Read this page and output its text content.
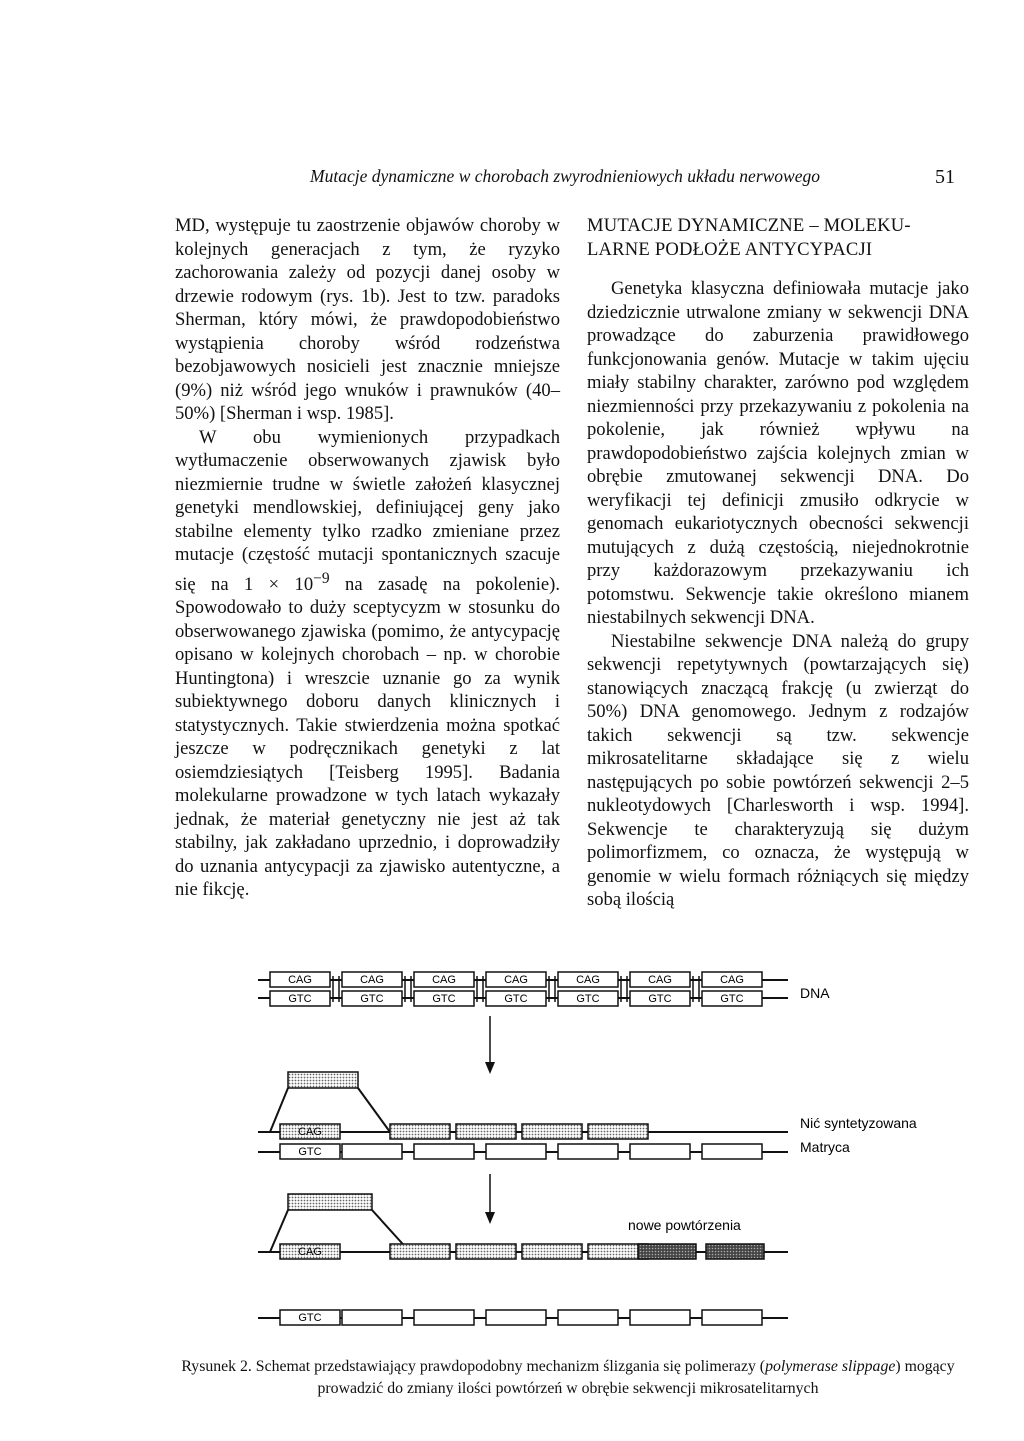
Mutacje dynamiczne w chorobach zwyrodnieniowych układu nerwowego	51

MD, występuje tu zaostrzenie objawów choroby w kolejnych generacjach z tym, że ryzyko zachorowania zależy od pozycji danej osoby w drzewie rodowym (rys. 1b). Jest to tzw. paradoks Sherman, który mówi, że prawdopodobieństwo wystąpienia choroby wśród rodzeństwa bezobjawowych nosicieli jest znacznie mniejsze (9%) niż wśród jego wnuków i prawnuków (40–50%) [Sherman i wsp. 1985].

W obu wymienionych przypadkach wytłumaczenie obserwowanych zjawisk było niezmiernie trudne w świetle założeń klasycznej genetyki mendlowskiej, definiującej geny jako stabilne elementy tylko rzadko zmieniane przez mutacje (częstość mutacji spontanicznych szacuje się na $1 \times 10^{-9}$ na zasadę na pokolenie). Spowodowało to duży sceptycyzm w stosunku do obserwowanego zjawiska (pomimo, że antycypację opisano w kolejnych chorobach – np. w chorobie Huntingtona) i wreszcie uznanie go za wynik subiektywnego doboru danych klinicznych i statystycznych. Takie stwierdzenia można spotkać jeszcze w podręcznikach genetyki z lat osiemdziesiątych [Teisberg 1995]. Badania molekularne prowadzone w tych latach wykazały jednak, że materiał genetyczny nie jest aż tak stabilny, jak zakładano uprzednio, i doprowadziły do uznania antycypacji za zjawisko autentyczne, a nie fikcję.

MUTACJE DYNAMICZNE – MOLEKU-
LARNE PODŁOŻE ANTYCYPACJI

Genetyka klasyczna definiowała mutacje jako dziedzicznie utrwalone zmiany w sekwencji DNA prowadzące do zaburzenia prawidłowego funkcjonowania genów. Mutacje w takim ujęciu miały stabilny charakter, zarówno pod względem niezmienności przy przekazywaniu z pokolenia na pokolenie, jak również wpływu na prawdopodobieństwo zajścia kolejnych zmian w obrębie zmutowanej sekwencji DNA. Do weryfikacji tej definicji zmusiło odkrycie w genomach eukariotycznych obecności sekwencji mutujących z dużą częstością, niejednokrotnie przy każdorazowym przekazywaniu ich potomstwu. Sekwencje takie określono mianem niestabilnych sekwencji DNA.

Niestabilne sekwencje DNA należą do grupy sekwencji repetytywnych (powtarzających się) stanowiących znaczącą frakcję (u zwierząt do 50%) DNA genomowego. Jednym z rodzajów takich sekwencji są tzw. sekwencje mikrosatelitarne składające się z wielu następujących po sobie powtórzeń sekwencji 2–5 nukleotydowych [Charlesworth i wsp. 1994]. Sekwencje te charakteryzują się dużym polimorfizmem, co oznacza, że występują w genomie w wielu formach różniących się między sobą ilością

CAG
GTC
CAG
GTC
CAG
GTC
CAG
GTC
CAG
GTC
CAG
GTC
CAG
GTC	DNA
CAG
GTC
Nić syntetyzowana
Matryca
CAG
GTC
nowe powtórzenia
Rysunek 2. Schemat przedstawiający prawdopodobny mechanizm ślizgania się polimerazy (polymerase slippage) mogący prowadzić do zmiany ilości powtórzeń w obrębie sekwencji mikrosatelitarnych
